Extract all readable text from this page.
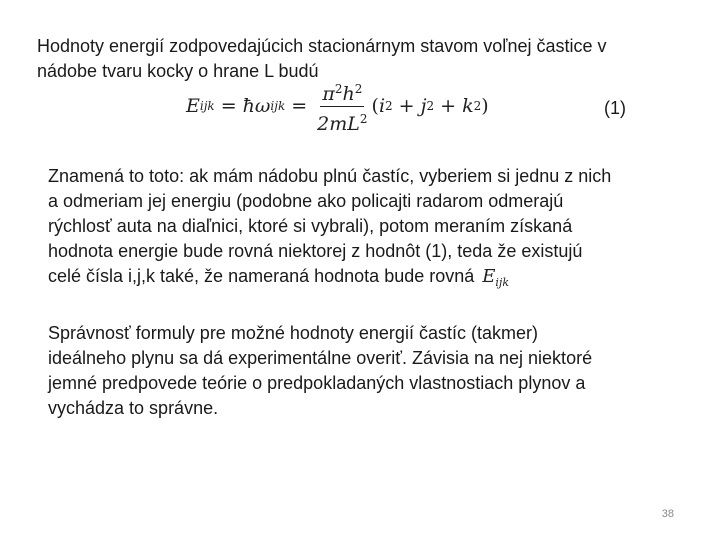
Hodnoty energií zodpovedajúcich stacionárnym stavom voľnej častice v
nádobe tvaru kocky o hrane L budú

E ijk = ħ ω ijk = $\frac{\pi^2h^2}{2mL^2}$ ( i 2 + j 2 + k 2 )	(1)

Znamená to toto: ak mám nádobu plnú častíc, vyberiem si jednu z nich
a odmeriam jej energiu (podobne ako policajti radarom odmerajú
rýchlosť auta na diaľnici, ktoré si vybrali), potom meraním získaná
hodnota energie bude rovná niektorej z hodnôt (1), teda že existujú
celé čísla i,j,k také, že nameraná hodnota bude rovná $E_{ijk}$

Správnosť formuly pre možné hodnoty energií častíc (takmer)
ideálneho plynu sa dá experimentálne overiť. Závisia na nej niektoré
jemné predpovede teórie o predpokladaných vlastnostiach plynov a
vychádza to správne.

38
